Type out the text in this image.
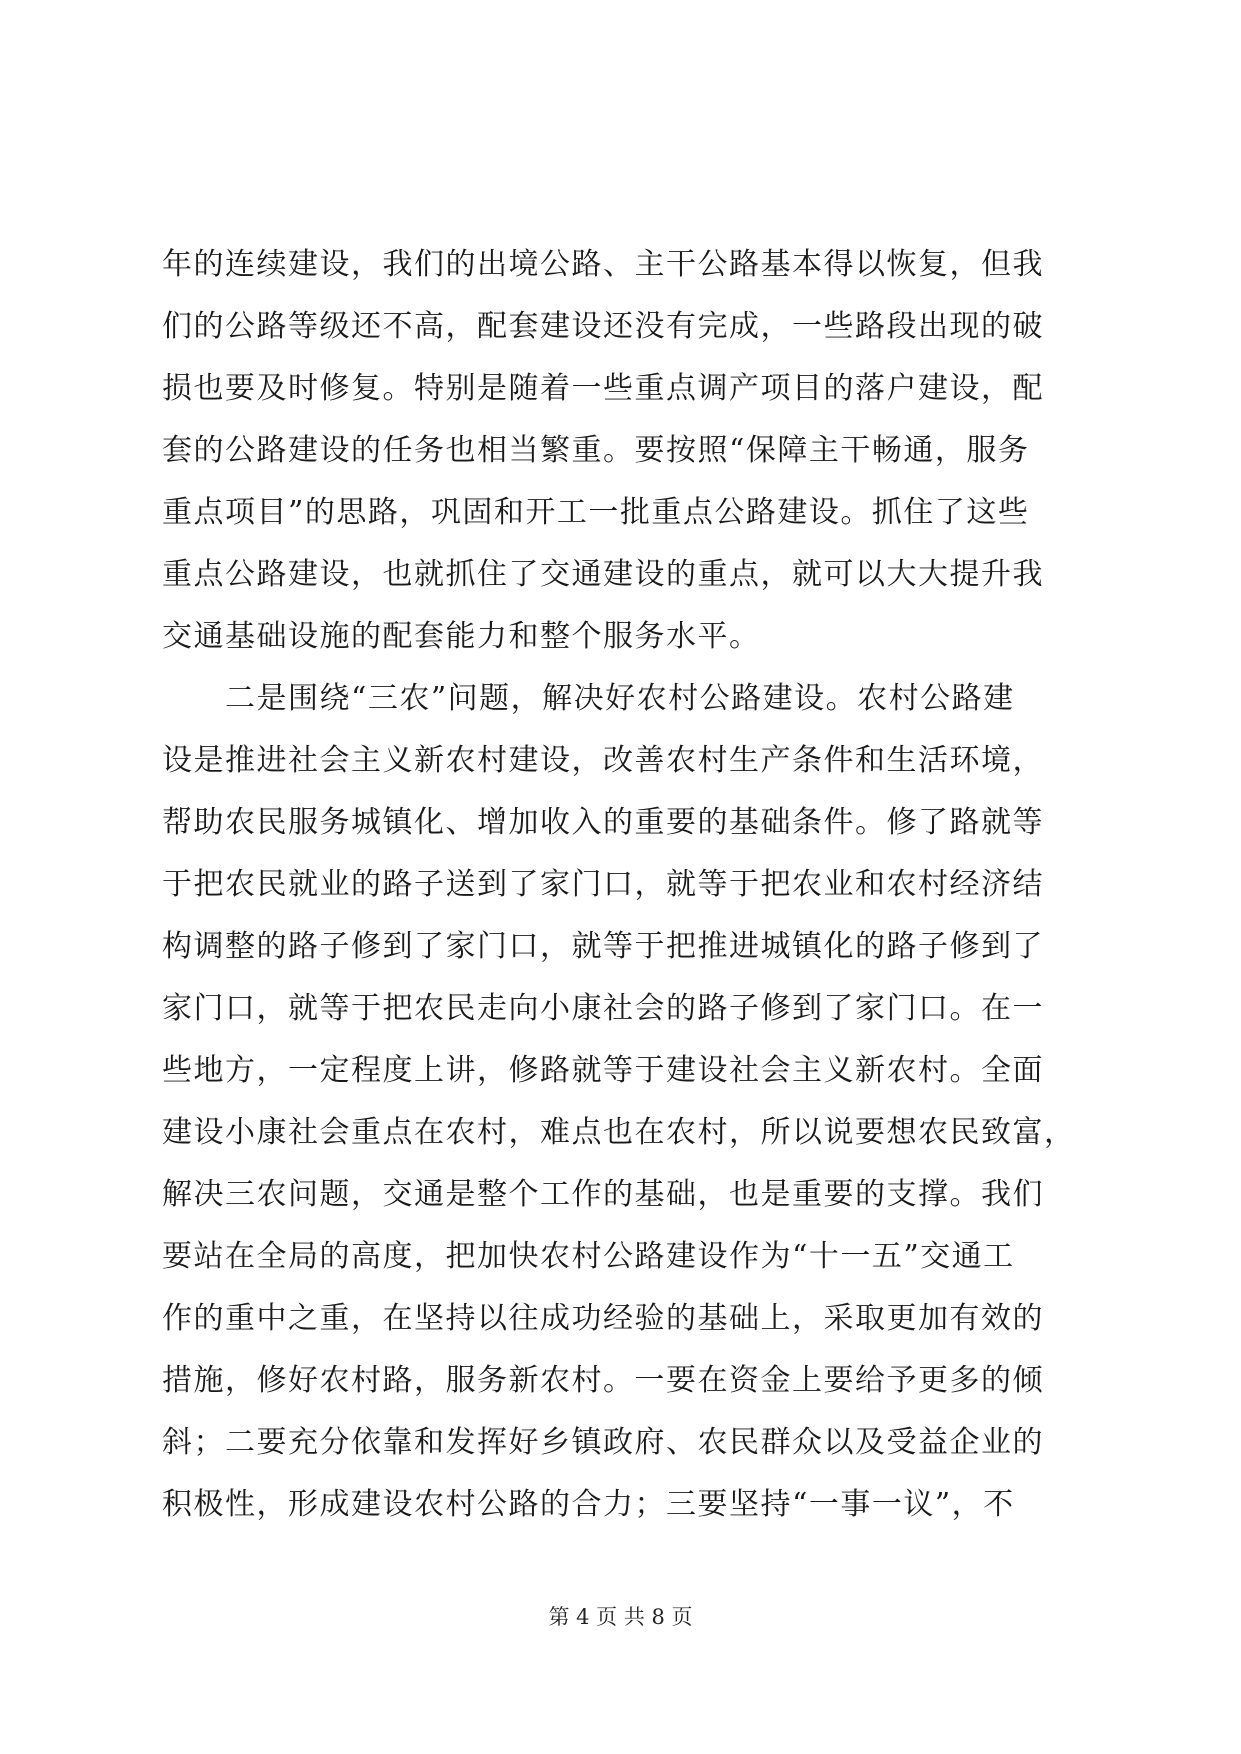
年的连续建设，我们的出境公路、主干公路基本得以恢复，但我
们的公路等级还不高，配套建设还没有完成，一些路段出现的破
损也要及时修复。特别是随着一些重点调产项目的落户建设，配
套的公路建设的任务也相当繁重。要按照“保障主干畅通，服务
重点项目”的思路，巩固和开工一批重点公路建设。抓住了这些
重点公路建设，也就抓住了交通建设的重点，就可以大大提升我
交通基础设施的配套能力和整个服务水平。
　　二是围绕“三农”问题，解决好农村公路建设。农村公路建
设是推进社会主义新农村建设，改善农村生产条件和生活环境，
帮助农民服务城镇化、增加收入的重要的基础条件。修了路就等
于把农民就业的路子送到了家门口，就等于把农业和农村经济结
构调整的路子修到了家门口，就等于把推进城镇化的路子修到了
家门口，就等于把农民走向小康社会的路子修到了家门口。在一
些地方，一定程度上讲，修路就等于建设社会主义新农村。全面
建设小康社会重点在农村，难点也在农村，所以说要想农民致富，
解决三农问题，交通是整个工作的基础，也是重要的支撑。我们
要站在全局的高度，把加快农村公路建设作为“十一五”交通工
作的重中之重，在坚持以往成功经验的基础上，采取更加有效的
措施，修好农村路，服务新农村。一要在资金上要给予更多的倾
斜；二要充分依靠和发挥好乡镇政府、农民群众以及受益企业的
积极性，形成建设农村公路的合力；三要坚持“一事一议”，不
第 4 页 共 8 页
